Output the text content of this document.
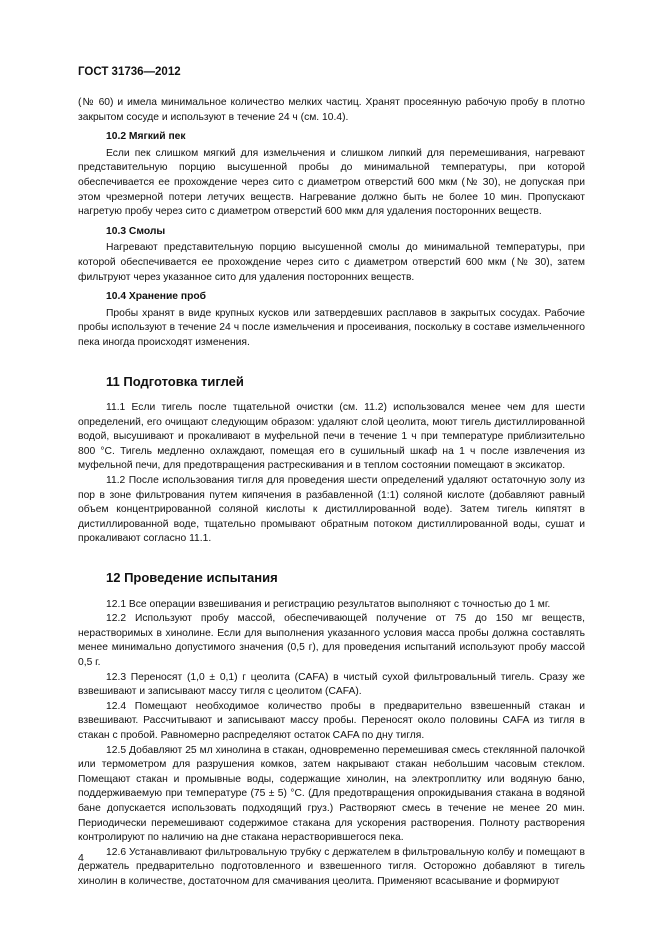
ГОСТ 31736—2012

(№ 60) и имела минимальное количество мелких частиц. Хранят просеянную рабочую пробу в плотно закрытом сосуде и используют в течение 24 ч (см. 10.4).

10.2 Мягкий пек

Если пек слишком мягкий для измельчения и слишком липкий для перемешивания, нагревают представительную порцию высушенной пробы до минимальной температуры, при которой обеспечивается ее прохождение через сито с диаметром отверстий 600 мкм (№ 30), не допуская при этом чрезмерной потери летучих веществ. Нагревание должно быть не более 10 мин. Пропускают нагретую пробу через сито с диаметром отверстий 600 мкм для удаления посторонних веществ.

10.3 Смолы

Нагревают представительную порцию высушенной смолы до минимальной температуры, при которой обеспечивается ее прохождение через сито с диаметром отверстий 600 мкм (№ 30), затем фильтруют через указанное сито для удаления посторонних веществ.

10.4 Хранение проб

Пробы хранят в виде крупных кусков или затвердевших расплавов в закрытых сосудах. Рабочие пробы используют в течение 24 ч после измельчения и просеивания, поскольку в составе измельченного пека иногда происходят изменения.

11 Подготовка тиглей

11.1 Если тигель после тщательной очистки (см. 11.2) использовался менее чем для шести определений, его очищают следующим образом: удаляют слой цеолита, моют тигель дистиллированной водой, высушивают и прокаливают в муфельной печи в течение 1 ч при температуре приблизительно 800 °С. Тигель медленно охлаждают, помещая его в сушильный шкаф на 1 ч после извлечения из муфельной печи, для предотвращения растрескивания и в теплом состоянии помещают в эксикатор.

11.2 После использования тигля для проведения шести определений удаляют остаточную золу из пор в зоне фильтрования путем кипячения в разбавленной (1:1) соляной кислоте (добавляют равный объем концентрированной соляной кислоты к дистиллированной воде). Затем тигель кипятят в дистиллированной воде, тщательно промывают обратным потоком дистиллированной воды, сушат и прокаливают согласно 11.1.

12 Проведение испытания

12.1 Все операции взвешивания и регистрацию результатов выполняют с точностью до 1 мг.

12.2 Используют пробу массой, обеспечивающей получение от 75 до 150 мг веществ, нерастворимых в хинолине. Если для выполнения указанного условия масса пробы должна составлять менее минимально допустимого значения (0,5 г), для проведения испытаний используют пробу массой 0,5 г.

12.3 Переносят (1,0 ± 0,1) г цеолита (CAFA) в чистый сухой фильтровальный тигель. Сразу же взвешивают и записывают массу тигля с цеолитом (CAFA).

12.4 Помещают необходимое количество пробы в предварительно взвешенный стакан и взвешивают. Рассчитывают и записывают массу пробы. Переносят около половины CAFA из тигля в стакан с пробой. Равномерно распределяют остаток CAFA по дну тигля.

12.5 Добавляют 25 мл хинолина в стакан, одновременно перемешивая смесь стеклянной палочкой или термометром для разрушения комков, затем накрывают стакан небольшим часовым стеклом. Помещают стакан и промывные воды, содержащие хинолин, на электроплитку или водяную баню, поддерживаемую при температуре (75 ± 5) °С. (Для предотвращения опрокидывания стакана в водяной бане допускается использовать подходящий груз.) Растворяют смесь в течение не менее 20 мин. Периодически перемешивают содержимое стакана для ускорения растворения. Полноту растворения контролируют по наличию на дне стакана нерастворившегося пека.

12.6 Устанавливают фильтровальную трубку с держателем в фильтровальную колбу и помещают в держатель предварительно подготовленного и взвешенного тигля. Осторожно добавляют в тигель хинолин в количестве, достаточном для смачивания цеолита. Применяют всасывание и формируют

4
